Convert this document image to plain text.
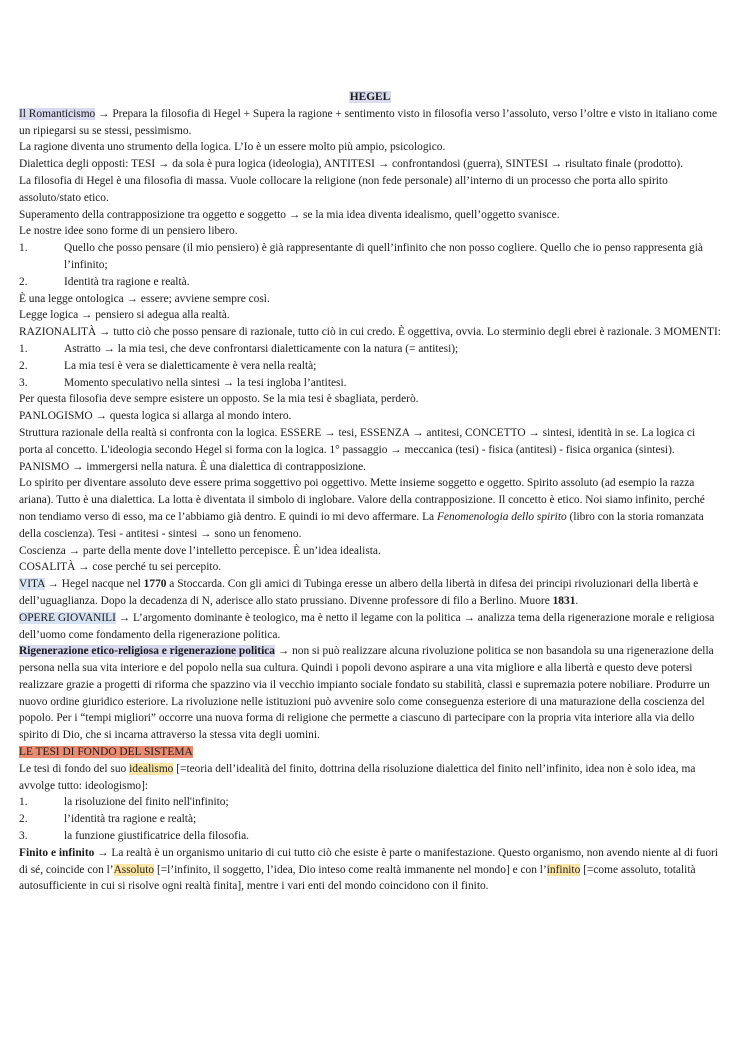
HEGEL

Il Romanticismo → Prepara la filosofia di Hegel + Supera la ragione + sentimento visto in filosofia verso l’assoluto, verso l’oltre e visto in italiano come un ripiegarsi su se stessi, pessimismo.

La ragione diventa uno strumento della logica. L’Io è un essere molto più ampio, psicologico.

Dialettica degli opposti: TESI → da sola è pura logica (ideologia), ANTITESI → confrontandosi (guerra), SINTESI → risultato finale (prodotto).

La filosofia di Hegel è una filosofia di massa. Vuole collocare la religione (non fede personale) all’interno di un processo che porta allo spirito assoluto/stato etico.

Superamento della contrapposizione tra oggetto e soggetto → se la mia idea diventa idealismo, quell’oggetto svanisce.

Le nostre idee sono forme di un pensiero libero.

1.	Quello che posso pensare (il mio pensiero) è già rappresentante di quell’infinito che non posso cogliere. Quello che io penso rappresenta già l’infinito;
2.	Identità tra ragione e realtà.

È una legge ontologica → essere; avviene sempre così.

Legge logica → pensiero si adegua alla realtà.

RAZIONALITÀ → tutto ciò che posso pensare di razionale, tutto ciò in cui credo. È oggettiva, ovvia. Lo sterminio degli ebrei è razionale. 3 MOMENTI:

1.	Astratto → la mia tesi, che deve confrontarsi dialetticamente con la natura (= antitesi);
2.	La mia tesi è vera se dialetticamente è vera nella realtà;
3.	Momento speculativo nella sintesi → la tesi ingloba l’antitesi.

Per questa filosofia deve sempre esistere un opposto. Se la mia tesi è sbagliata, perderò.

PANLOGISMO → questa logica si allarga al mondo intero.

Struttura razionale della realtà si confronta con la logica. ESSERE → tesi, ESSENZA → antitesi, CONCETTO → sintesi, identità in se. La logica ci porta al concetto. L'ideologia secondo Hegel si forma con la logica. 1° passaggio → meccanica (tesi) - fisica (antitesi) - fisica organica (sintesi).

PANISMO → immergersi nella natura. È una dialettica di contrapposizione.

Lo spirito per diventare assoluto deve essere prima soggettivo poi oggettivo. Mette insieme soggetto e oggetto. Spirito assoluto (ad esempio la razza ariana). Tutto è una dialettica. La lotta è diventata il simbolo di inglobare. Valore della contrapposizione. Il concetto è etico. Noi siamo infinito, perché non tendiamo verso di esso, ma ce l’abbiamo già dentro. E quindi io mi devo affermare. La Fenomenologia dello spirito (libro con la storia romanzata della coscienza). Tesi - antitesi - sintesi → sono un fenomeno.

Coscienza → parte della mente dove l’intelletto percepisce. È un’idea idealista.

COSALITÀ → cose perché tu sei percepito.

VITA → Hegel nacque nel 1770 a Stoccarda. Con gli amici di Tubinga eresse un albero della libertà in difesa dei principi rivoluzionari della libertà e dell’uguaglianza. Dopo la decadenza di N, aderisce allo stato prussiano. Divenne professore di filo a Berlino. Muore 1831.

OPERE GIOVANILI → L’argomento dominante è teologico, ma è netto il legame con la politica → analizza tema della rigenerazione morale e religiosa dell’uomo come fondamento della rigenerazione politica.

Rigenerazione etico-religiosa e rigenerazione politica → non si può realizzare alcuna rivoluzione politica se non basandola su una rigenerazione della persona nella sua vita interiore e del popolo nella sua cultura. Quindi i popoli devono aspirare a una vita migliore e alla libertà e questo deve potersi realizzare grazie a progetti di riforma che spazzino via il vecchio impianto sociale fondato su stabilità, classi e supremazia potere nobiliare. Produrre un nuovo ordine giuridico esteriore. La rivoluzione nelle istituzioni può avvenire solo come conseguenza esteriore di una maturazione della coscienza del popolo. Per i “tempi migliori” occorre una nuova forma di religione che permette a ciascuno di partecipare con la propria vita interiore alla via dello spirito di Dio, che si incarna attraverso la stessa vita degli uomini.

LE TESI DI FONDO DEL SISTEMA

Le tesi di fondo del suo idealismo [=teoria dell’idealità del finito, dottrina della risoluzione dialettica del finito nell’infinito, idea non è solo idea, ma avvolge tutto: ideologismo]:

1.	la risoluzione del finito nell'infinito;
2.	l’identità tra ragione e realtà;
3.	la funzione giustificatrice della filosofia.

Finito e infinito → La realtà è un organismo unitario di cui tutto ciò che esiste è parte o manifestazione. Questo organismo, non avendo niente al di fuori di sé, coincide con l’Assoluto [=l’infinito, il soggetto, l’idea, Dio inteso come realtà immanente nel mondo] e con l’infinito [=come assoluto, totalità autosufficiente in cui si risolve ogni realtà finita], mentre i vari enti del mondo coincidono con il finito.
